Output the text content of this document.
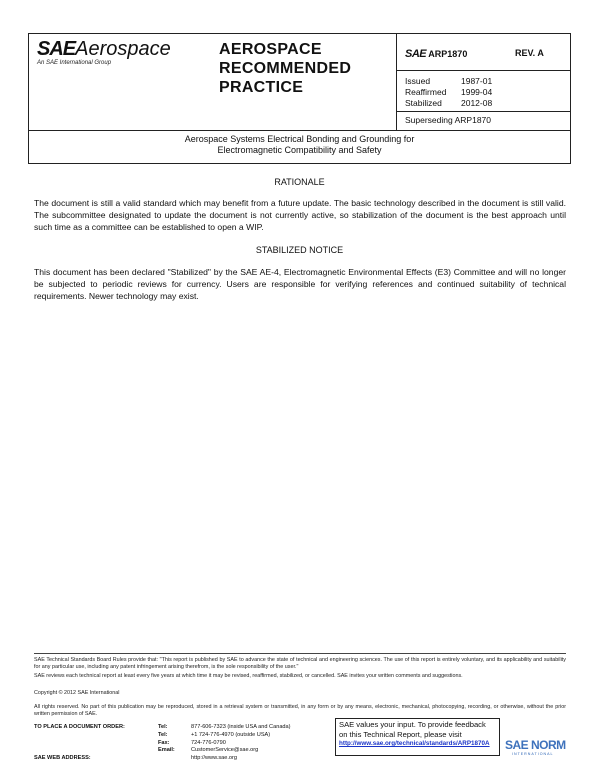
SAEAerospace
An SAE International Group
AEROSPACE
RECOMMENDED
PRACTICE
SAE ARP1870	REV. A
Issued	1987-01
Reaffirmed	1999-04
Stabilized	2012-08
Superseding ARP1870
Aerospace Systems Electrical Bonding and Grounding for
Electromagnetic Compatibility and Safety
RATIONALE
The document is still a valid standard which may benefit from a future update. The basic technology described in the document is still valid. The subcommittee designated to update the document is not currently active, so stabilization of the document is the best approach until such time as a committee can be established to open a WIP.
STABILIZED NOTICE
This document has been declared "Stabilized" by the SAE AE-4, Electromagnetic Environmental Effects (E3) Committee and will no longer be subjected to periodic reviews for currency. Users are responsible for verifying references and continued suitability of technical requirements. Newer technology may exist.
SAE Technical Standards Board Rules provide that: "This report is published by SAE to advance the state of technical and engineering sciences. The use of this report is entirely voluntary, and its applicability and suitability for any particular use, including any patent infringement arising therefrom, is the sole responsibility of the user."
SAE reviews each technical report at least every five years at which time it may be revised, reaffirmed, stabilized, or cancelled. SAE invites your written comments and suggestions.
Copyright © 2012 SAE International
All rights reserved. No part of this publication may be reproduced, stored in a retrieval system or transmitted, in any form or by any means, electronic, mechanical, photocopying, recording, or otherwise, without the prior written permission of SAE.
TO PLACE A DOCUMENT ORDER:	Tel:	877-606-7323 (inside USA and Canada)
Tel:	+1 724-776-4970 (outside USA)
Fax:	724-776-0790
Email:	CustomerService@sae.org
SAE WEB ADDRESS:	http://www.sae.org
SAE values your input. To provide feedback
on this Technical Report, please visit
http://www.sae.org/technical/standards/ARP1870A	SAE NORM
INTERNATIONAL
